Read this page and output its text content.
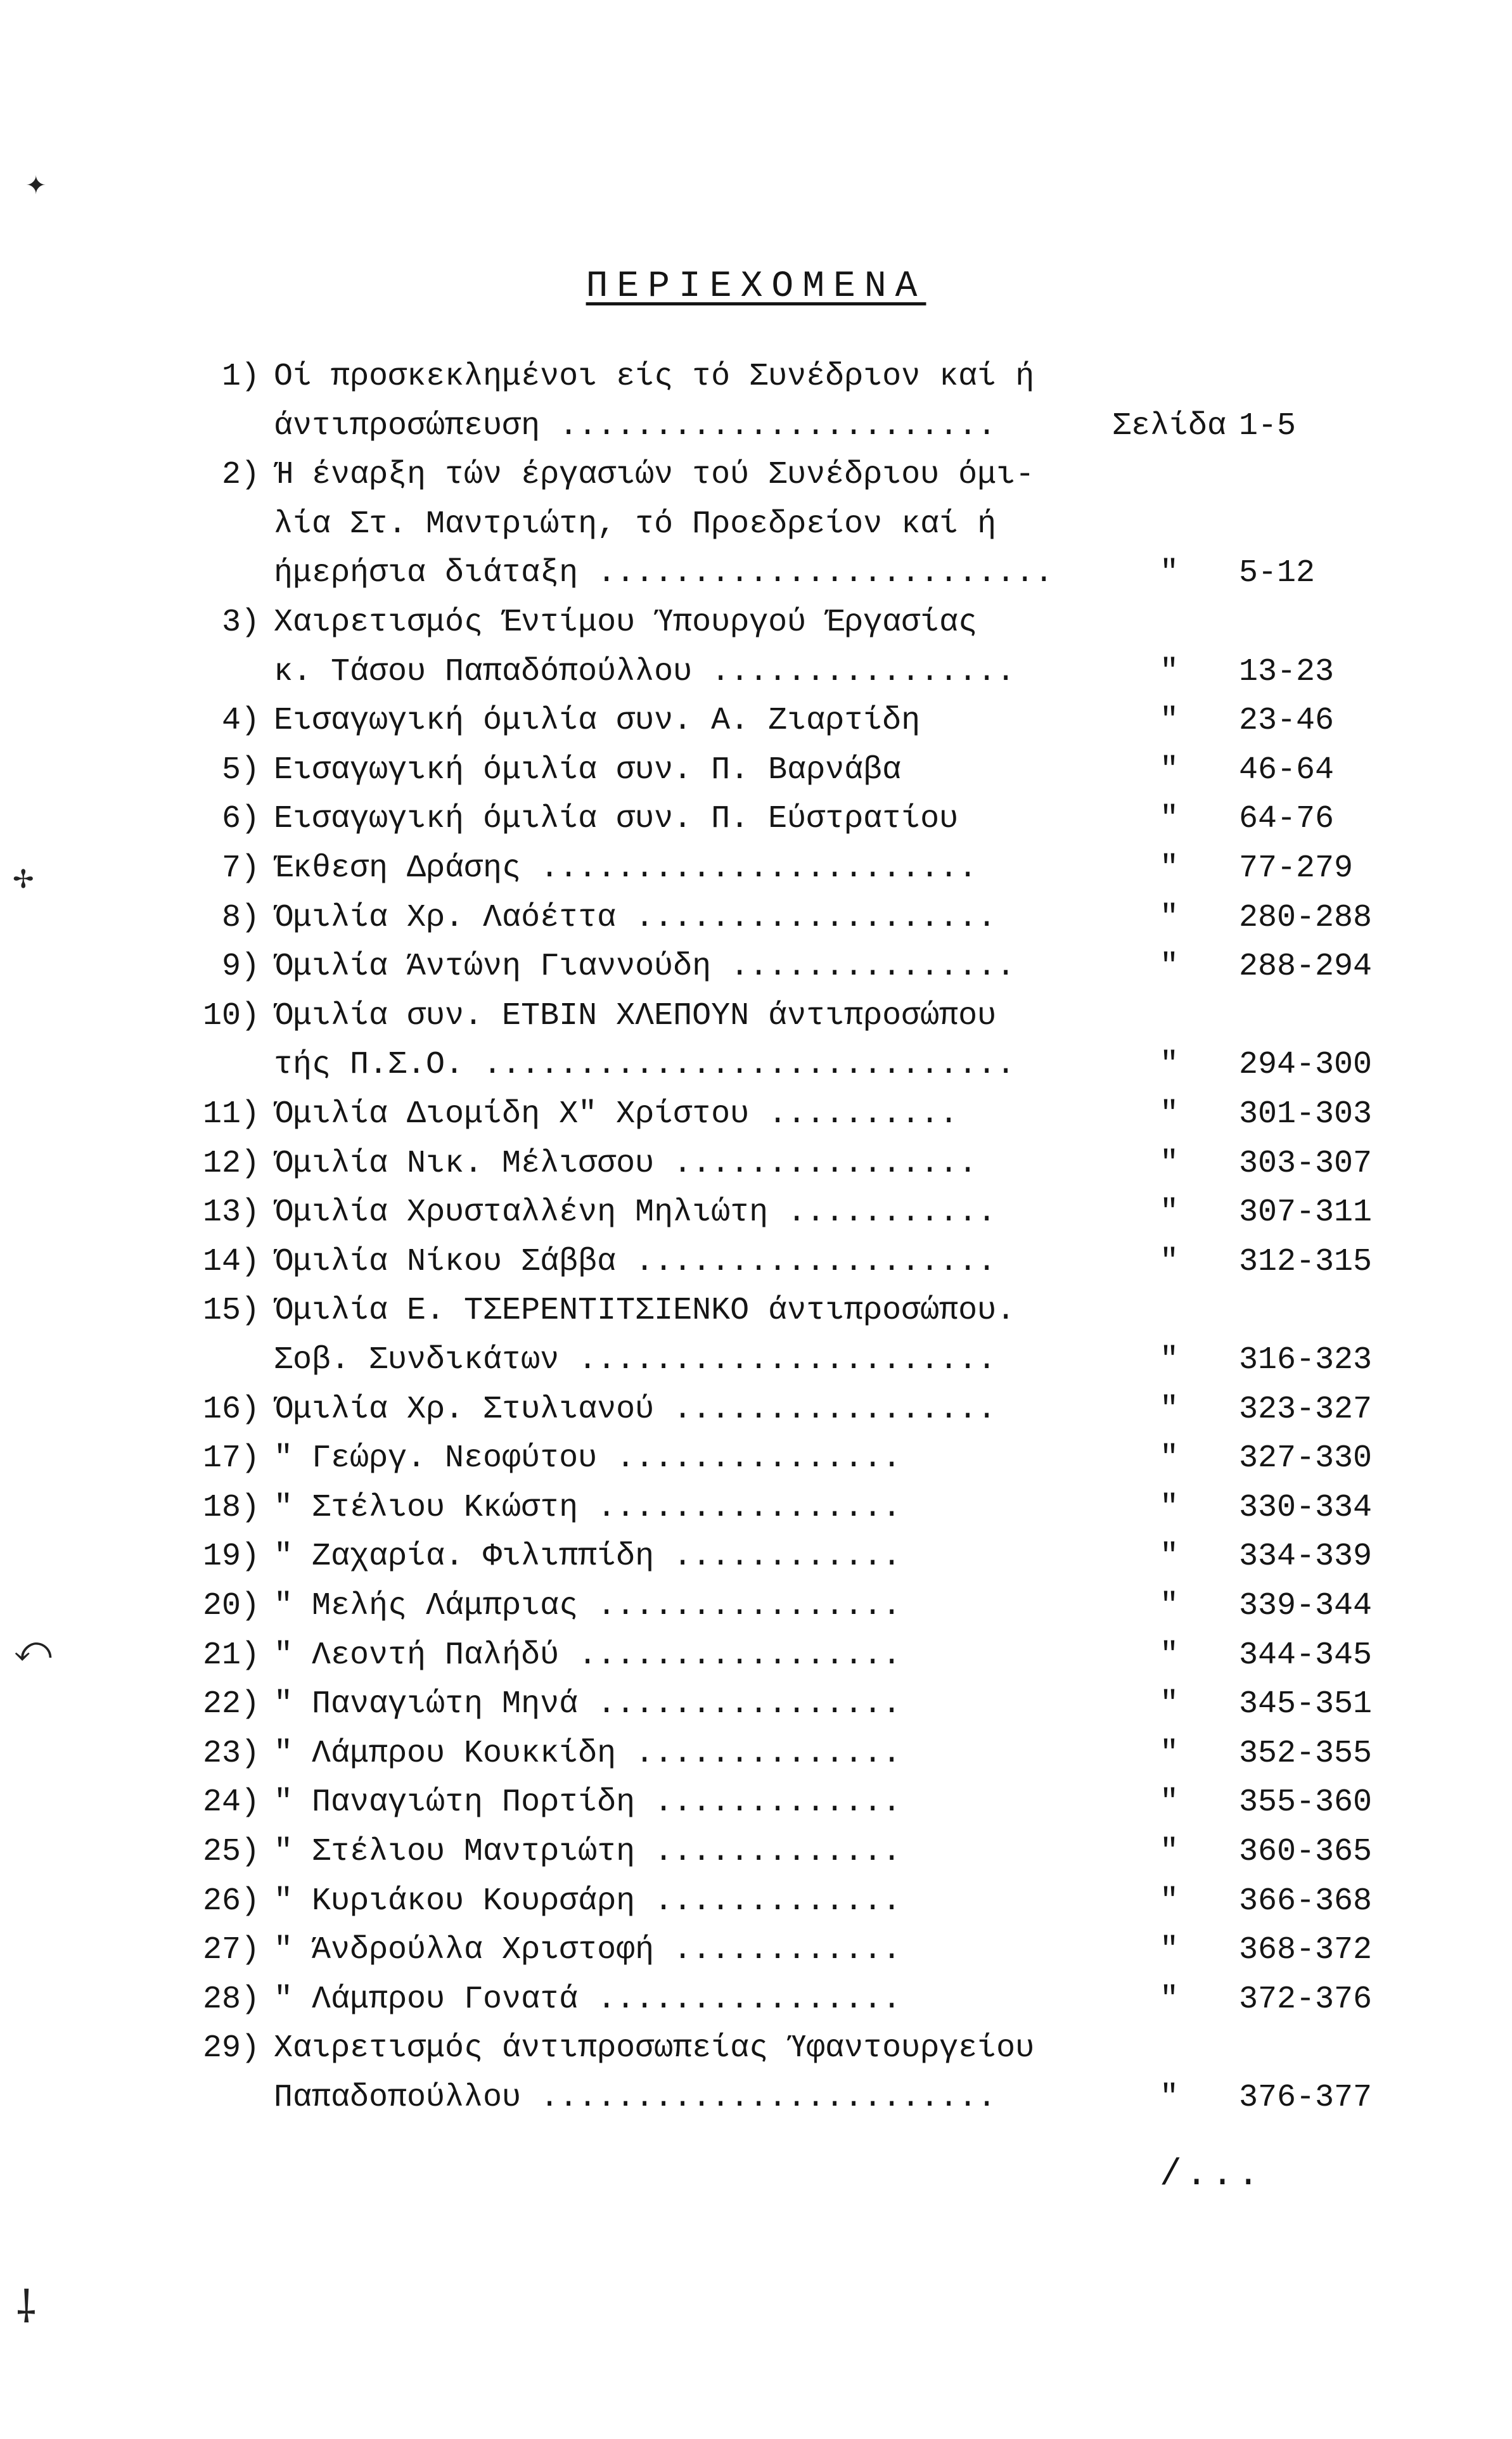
ΠΕΡΙΕΧΟΜΕΝΑ
1) Οί προσκεκλημένοι είς τό Συνέδριον καί ή
άντιπροσώπευση .......................	Σελίδα 1-5
2) Ή έναρξη τών έργασιών τού Συνέδριου όμι-
λία Στ. Μαντριώτη, τό Προεδρείον καί ή
ήμερήσια διάταξη ........................	"	5-12
3) Χαιρετισμός Έντίμου Ύπουργού Έργασίας
κ. Τάσου Παπαδόπούλλου ................	"	13-23
4) Εισαγωγική όμιλία συν. Α. Ζιαρτίδη	"	23-46
5) Εισαγωγική όμιλία συν. Π. Βαρνάβα	"	46-64
6) Εισαγωγική όμιλία συν. Π. Εύστρατίου	"	64-76
7) Έκθεση Δράσης .......................	"	77-279
8) Όμιλία Χρ. Λαόέττα ...................	"	280-288
9) Όμιλία Άντώνη Γιαννούδη ...............	"	288-294
10) Όμιλία συν. ΕΤΒΙΝ ΧΛΕΠΟΥΝ άντιπροσώπου
τής Π.Σ.Ο. ............................	"	294-300
11) Όμιλία Διομίδη Χ" Χρίστου ..........	"	301-303
12) Όμιλία Νικ. Μέλισσου ................	"	303-307
13) Όμιλία Χρυσταλλένη Μηλιώτη ...........	"	307-311
14) Όμιλία Νίκου Σάββα ...................	"	312-315
15) Όμιλία Ε. ΤΣΕΡΕΝΤΙΤΣΙΕΝΚΟ άντιπροσώπου.
Σοβ. Συνδικάτων ......................	"	316-323
16) Όμιλία Χρ. Στυλιανού .................	"	323-327
17) " Γεώργ. Νεοφύτου ...............	"	327-330
18) " Στέλιου Κκώστη ................	"	330-334
19) " Ζαχαρία. Φιλιππίδη ............	"	334-339
20) " Μελής Λάμπριας ................	"	339-344
21) " Λεοντή Παλήδύ .................	"	344-345
22) " Παναγιώτη Μηνά ................	"	345-351
23) " Λάμπρου Κουκκίδη ..............	"	352-355
24) " Παναγιώτη Πορτίδη .............	"	355-360
25) " Στέλιου Μαντριώτη .............	"	360-365
26) " Κυριάκου Κουρσάρη .............	"	366-368
27) " Άνδρούλλα Χριστοφή ............	"	368-372
28) " Λάμπρου Γονατά ................	"	372-376
29) Χαιρετισμός άντιπροσωπείας Ύφαντουργείου
Παπαδοπούλλου ........................	"	376-377
/...
✦
✢
⤺
⸸
